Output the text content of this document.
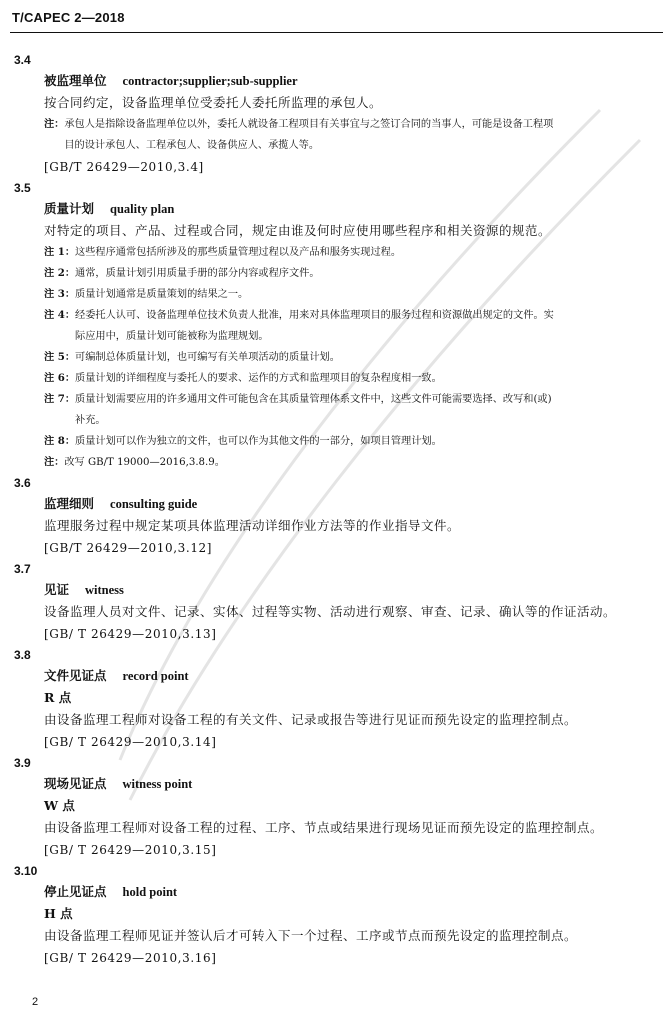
T/CAPEC 2—2018
3.4
被监理单位 contractor;supplier;sub-supplier
按合同约定，设备监理单位受委托人委托所监理的承包人。
注： 承包人是指除设备监理单位以外，委托人就设备工程项目有关事宜与之签订合同的当事人，可能是设备工程项
目的设计承包人、工程承包人、设备供应人、承揽人等。
[GB/T 26429—2010,3.4]
3.5
质量计划 quality plan
对特定的项目、产品、过程或合同，规定由谁及何时应使用哪些程序和相关资源的规范。
注 1： 这些程序通常包括所涉及的那些质量管理过程以及产品和服务实现过程。
注 2： 通常，质量计划引用质量手册的部分内容或程序文件。
注 3： 质量计划通常是质量策划的结果之一。
注 4： 经委托人认可、设备监理单位技术负责人批准，用来对具体监理项目的服务过程和资源做出规定的文件。实
际应用中，质量计划可能被称为监理规划。
注 5： 可编制总体质量计划，也可编写有关单项活动的质量计划。
注 6： 质量计划的详细程度与委托人的要求、运作的方式和监理项目的复杂程度相一致。
注 7： 质量计划需要应用的许多通用文件可能包含在其质量管理体系文件中，这些文件可能需要选择、改写和(或)
补充。
注 8： 质量计划可以作为独立的文件，也可以作为其他文件的一部分，如项目管理计划。
注： 改写 GB/T 19000—2016,3.8.9。
3.6
监理细则 consulting guide
监理服务过程中规定某项具体监理活动详细作业方法等的作业指导文件。
[GB/T 26429—2010,3.12]
3.7
见证 witness
设备监理人员对文件、记录、实体、过程等实物、活动进行观察、审查、记录、确认等的作证活动。
[GB/ T 26429—2010,3.13]
3.8
文件见证点 record point
R 点
由设备监理工程师对设备工程的有关文件、记录或报告等进行见证而预先设定的监理控制点。
[GB/ T 26429—2010,3.14]
3.9
现场见证点 witness point
W 点
由设备监理工程师对设备工程的过程、工序、节点或结果进行现场见证而预先设定的监理控制点。
[GB/ T 26429—2010,3.15]
3.10
停止见证点 hold point
H 点
由设备监理工程师见证并签认后才可转入下一个过程、工序或节点而预先设定的监理控制点。
[GB/ T 26429—2010,3.16]
2
